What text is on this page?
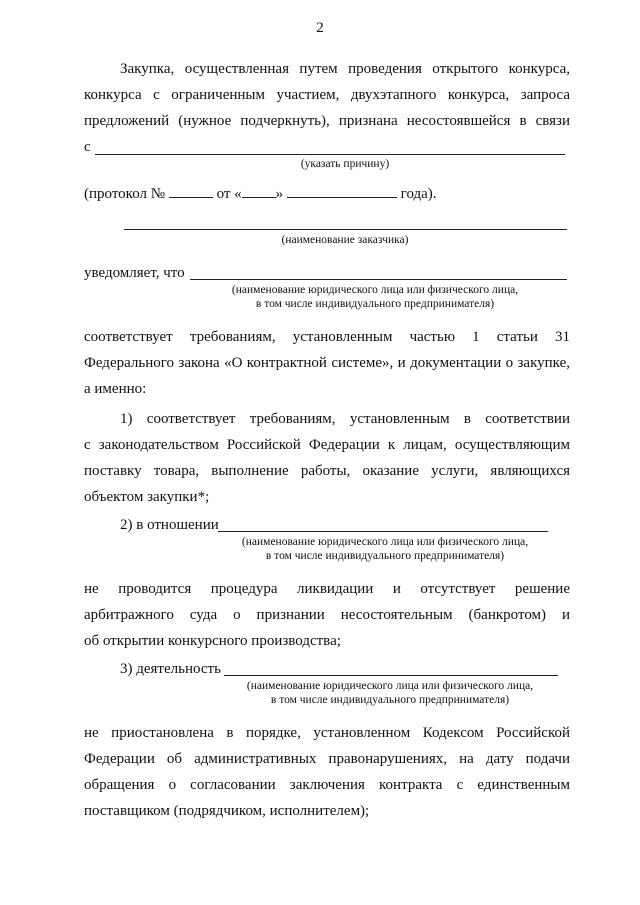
2
Закупка, осуществленная путем проведения открытого конкурса,
конкурса с ограниченным участием, двухэтапного конкурса, запроса
предложений (нужное подчеркнуть), признана несостоявшейся в связи
с
(указать причину)
(протокол №	от « »	года).
(наименование заказчика)
уведомляет, что
(наименование юридического лица или физического лица,
в том числе индивидуального предпринимателя)
соответствует требованиям, установленным частью 1 статьи 31
Федерального закона «О контрактной системе», и документации о закупке,
а именно:
1) соответствует требованиям, установленным в соответствии
с законодательством Российской Федерации к лицам, осуществляющим
поставку товара, выполнение работы, оказание услуги, являющихся
объектом закупки*;
2) в отношении
(наименование юридического лица или физического лица,
в том числе индивидуального предпринимателя)
не проводится процедура ликвидации и отсутствует решение
арбитражного суда о признании несостоятельным (банкротом) и
об открытии конкурсного производства;
3) деятельность
(наименование юридического лица или физического лица,
в том числе индивидуального предпринимателя)
не приостановлена в порядке, установленном Кодексом Российской
Федерации об административных правонарушениях, на дату подачи
обращения о согласовании заключения контракта с единственным
поставщиком (подрядчиком, исполнителем);
